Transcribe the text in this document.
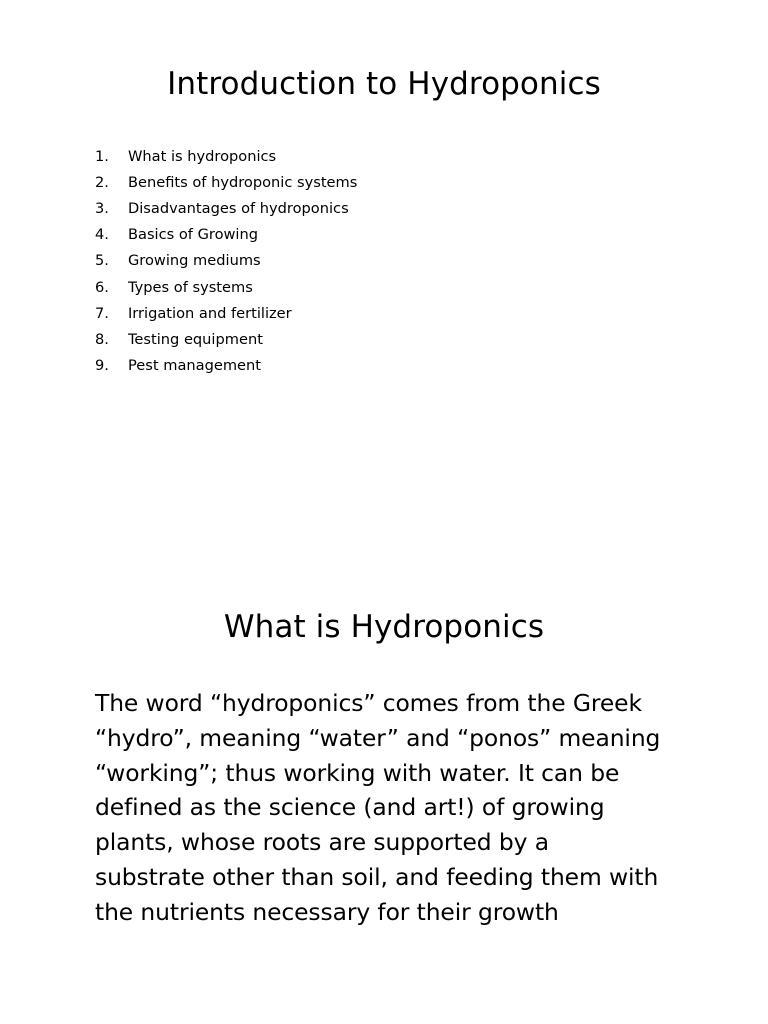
Introduction to Hydroponics
1.	What is hydroponics
2.	Benefits of hydroponic systems
3.	Disadvantages of hydroponics
4.	Basics of Growing
5.	Growing mediums
6.	Types of systems
7.	Irrigation and fertilizer
8.	Testing equipment
9.	Pest management
What is Hydroponics

The word “hydroponics” comes from the Greek
“hydro”, meaning “water” and “ponos” meaning
“working”; thus working with water. It can be
defined as the science (and art!) of growing
plants, whose roots are supported by a
substrate other than soil, and feeding them with
the nutrients necessary for their growth
